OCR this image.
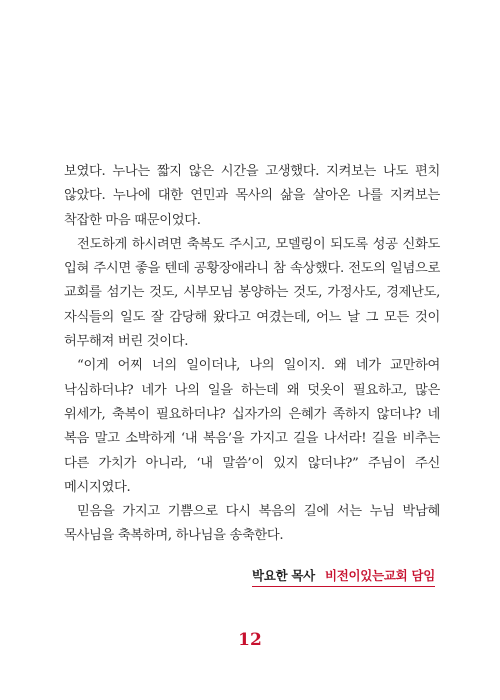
보였다. 누나는 짧지 않은 시간을 고생했다. 지켜보는 나도 편치 않았다. 누나에 대한 연민과 목사의 삶을 살아온 나를 지켜보는 착잡한 마음 때문이었다.

전도하게 하시려면 축복도 주시고, 모델링이 되도록 성공 신화도 입혀 주시면 좋을 텐데 공황장애라니 참 속상했다. 전도의 일념으로 교회를 섬기는 것도, 시부모님 봉양하는 것도, 가정사도, 경제난도, 자식들의 일도 잘 감당해 왔다고 여겼는데, 어느 날 그 모든 것이 허무해져 버린 것이다.

“이게 어찌 너의 일이더냐, 나의 일이지. 왜 네가 교만하여 낙심하더냐? 네가 나의 일을 하는데 왜 덧옷이 필요하고, 많은 위세가, 축복이 필요하더냐? 십자가의 은혜가 족하지 않더냐? 네 복음 말고 소박하게 ‘내 복음’을 가지고 길을 나서라! 길을 비추는 다른 가치가 아니라, ‘내 말씀’이 있지 않더냐?” 주님이 주신 메시지였다.

믿음을 가지고 기쁨으로 다시 복음의 길에 서는 누님 박남혜 목사님을 축복하며, 하나님을 송축한다.

박요한 목사 비전이있는교회 담임
12
